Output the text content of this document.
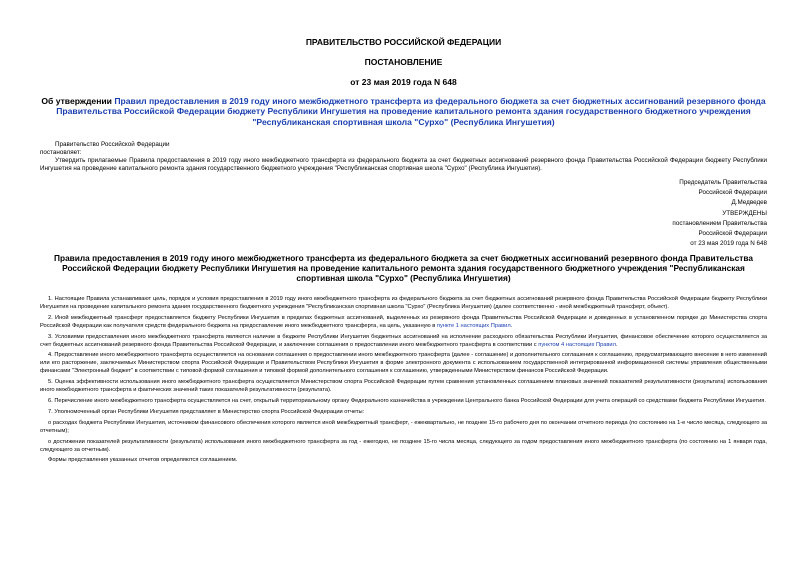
ПРАВИТЕЛЬСТВО РОССИЙСКОЙ ФЕДЕРАЦИИ
ПОСТАНОВЛЕНИЕ
от 23 мая 2019 года N 648
Об утверждении Правил предоставления в 2019 году иного межбюджетного трансферта из федерального бюджета за счет бюджетных ассигнований резервного фонда Правительства Российской Федерации бюджету Республики Ингушетия на проведение капитального ремонта здания государственного бюджетного учреждения "Республиканская спортивная школа "Сурхо" (Республика Ингушетия)
Правительство Российской Федерации
постановляет:
Утвердить прилагаемые Правила предоставления в 2019 году иного межбюджетного трансферта из федерального бюджета за счет бюджетных ассигнований резервного фонда Правительства Российской Федерации бюджету Республики Ингушетия на проведение капитального ремонта здания государственного бюджетного учреждения "Республиканская спортивная школа "Сурхо" (Республика Ингушетия).
Председатель Правительства
Российской Федерации
Д.Медведев
УТВЕРЖДЕНЫ
постановлением Правительства
Российской Федерации
от 23 мая 2019 года N 648
Правила предоставления в 2019 году иного межбюджетного трансферта из федерального бюджета за счет бюджетных ассигнований резервного фонда Правительства Российской Федерации бюджету Республики Ингушетия на проведение капитального ремонта здания государственного бюджетного учреждения "Республиканская спортивная школа "Сурхо" (Республика Ингушетия)

1. Настоящие Правила устанавливают цель, порядок и условия предоставления в 2019 году иного межбюджетного трансферта из федерального бюджета за счет бюджетных ассигнований резервного фонда Правительства Российской Федерации бюджету Республики Ингушетия на проведение капитального ремонта здания государственного бюджетного учреждения "Республиканская спортивная школа "Сурхо" (Республика Ингушетия) (далее соответственно - иной межбюджетный трансферт, объект).

2. Иной межбюджетный трансферт предоставляется бюджету Республики Ингушетия в пределах бюджетных ассигнований, выделенных из резервного фонда Правительства Российской Федерации и доведенных в установленном порядке до Министерства спорта Российской Федерации как получателя средств федерального бюджета на предоставление иного межбюджетного трансферта, на цель, указанную в пункте 1 настоящих Правил.

3. Условиями предоставления иного межбюджетного трансферта являются наличие в бюджете Республики Ингушетия бюджетных ассигнований на исполнение расходного обязательства Республики Ингушетия, финансовое обеспечение которого осуществляется за счет бюджетных ассигнований резервного фонда Правительства Российской Федерации, и заключение соглашения о предоставлении иного межбюджетного трансферта в соответствии с пунктом 4 настоящих Правил.

4. Предоставление иного межбюджетного трансферта осуществляется на основании соглашения о предоставлении иного межбюджетного трансферта (далее - соглашение) и дополнительного соглашения к соглашению, предусматривающего внесение в него изменений или его расторжение, заключаемых Министерством спорта Российской Федерации и Правительством Республики Ингушетия в форме электронного документа с использованием государственной интегрированной информационной системы управления общественными финансами "Электронный бюджет" в соответствии с типовой формой соглашения и типовой формой дополнительного соглашения к соглашению, утвержденными Министерством финансов Российской Федерации.

5. Оценка эффективности использования иного межбюджетного трансферта осуществляется Министерством спорта Российской Федерации путем сравнения установленных соглашением плановых значений показателей результативности (результата) использования иного межбюджетного трансферта и фактических значений таких показателей результативности (результата).

6. Перечисление иного межбюджетного трансферта осуществляется на счет, открытый территориальному органу Федерального казначейства в учреждении Центрального банка Российской Федерации для учета операций со средствами бюджета Республики Ингушетия.

7. Уполномоченный орган Республики Ингушетия представляет в Министерство спорта Российской Федерации отчеты:

о расходах бюджета Республики Ингушетия, источником финансового обеспечения которого является иной межбюджетный трансферт, - ежеквартально, не позднее 15-го рабочего дня по окончании отчетного периода (по состоянию на 1-е число месяца, следующего за отчетным);

о достижении показателей результативности (результата) использования иного межбюджетного трансферта за год - ежегодно, не позднее 15-го числа месяца, следующего за годом предоставления иного межбюджетного трансферта (по состоянию на 1 января года, следующего за отчетным).

Формы представления указанных отчетов определяются соглашением.
